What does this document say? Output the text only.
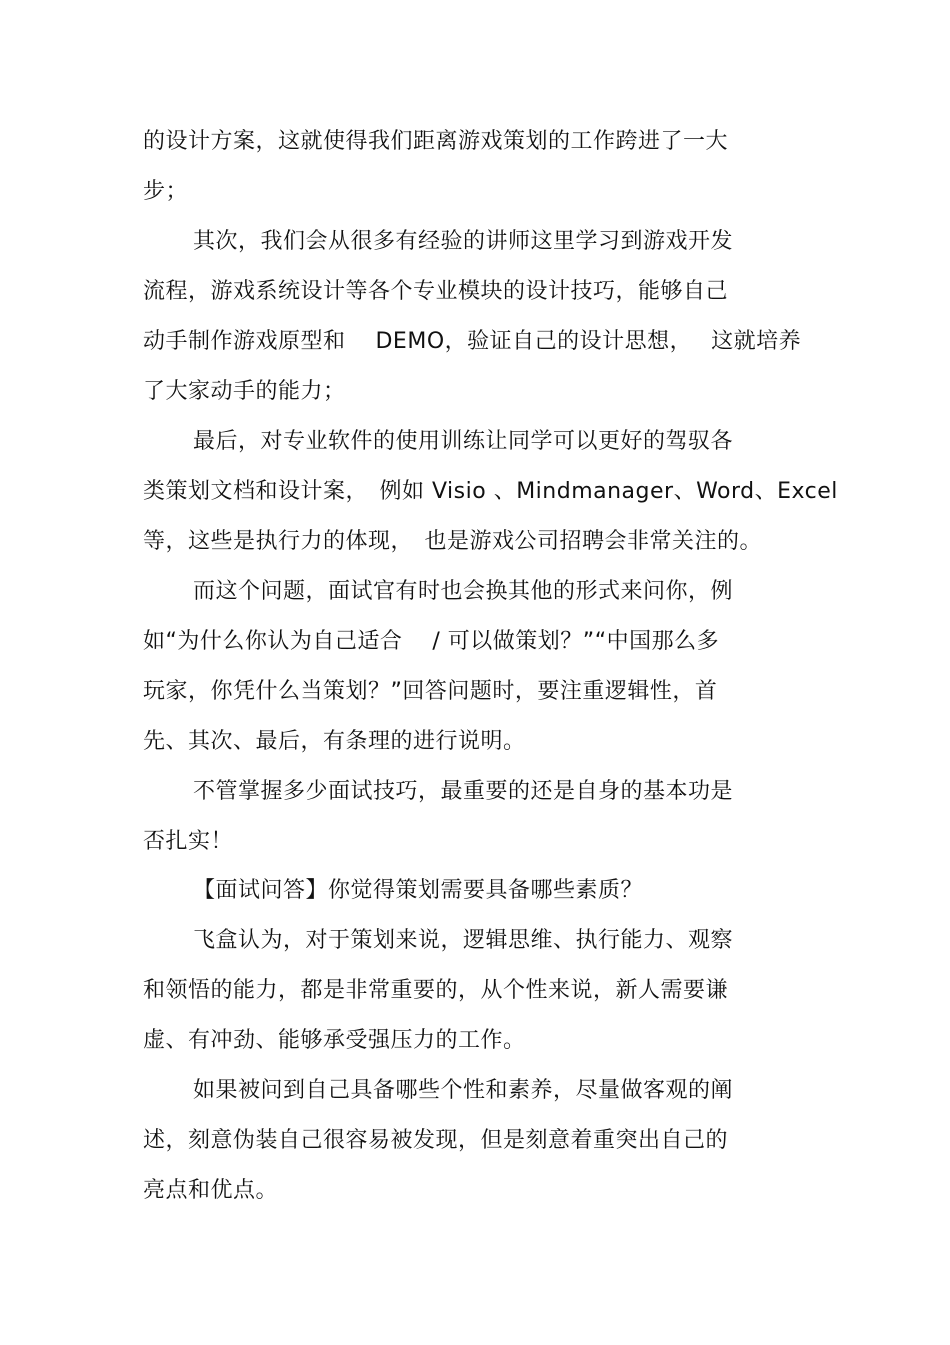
的设计方案，这就使得我们距离游戏策划的工作跨进了一大
步；
其次，我们会从很多有经验的讲师这里学习到游戏开发
流程，游戏系统设计等各个专业模块的设计技巧，能够自己
动手制作游戏原型和　 DEMO，验证自己的设计思想，　 这就培养
了大家动手的能力；
最后，对专业软件的使用训练让同学可以更好的驾驭各
类策划文档和设计案，　例如 Visio 、Mindmanager、Word、Excel
等，这些是执行力的体现，　也是游戏公司招聘会非常关注的。
而这个问题，面试官有时也会换其他的形式来问你，例
如“为什么你认为自己适合　 / 可以做策划？”“中国那么多
玩家，你凭什么当策划？”回答问题时，要注重逻辑性，首
先、其次、最后，有条理的进行说明。
不管掌握多少面试技巧，最重要的还是自身的基本功是
否扎实！
【面试问答】你觉得策划需要具备哪些素质？
飞盒认为，对于策划来说，逻辑思维、执行能力、观察
和领悟的能力，都是非常重要的，从个性来说，新人需要谦
虚、有冲劲、能够承受强压力的工作。
如果被问到自己具备哪些个性和素养，尽量做客观的阐
述，刻意伪装自己很容易被发现，但是刻意着重突出自己的
亮点和优点。
